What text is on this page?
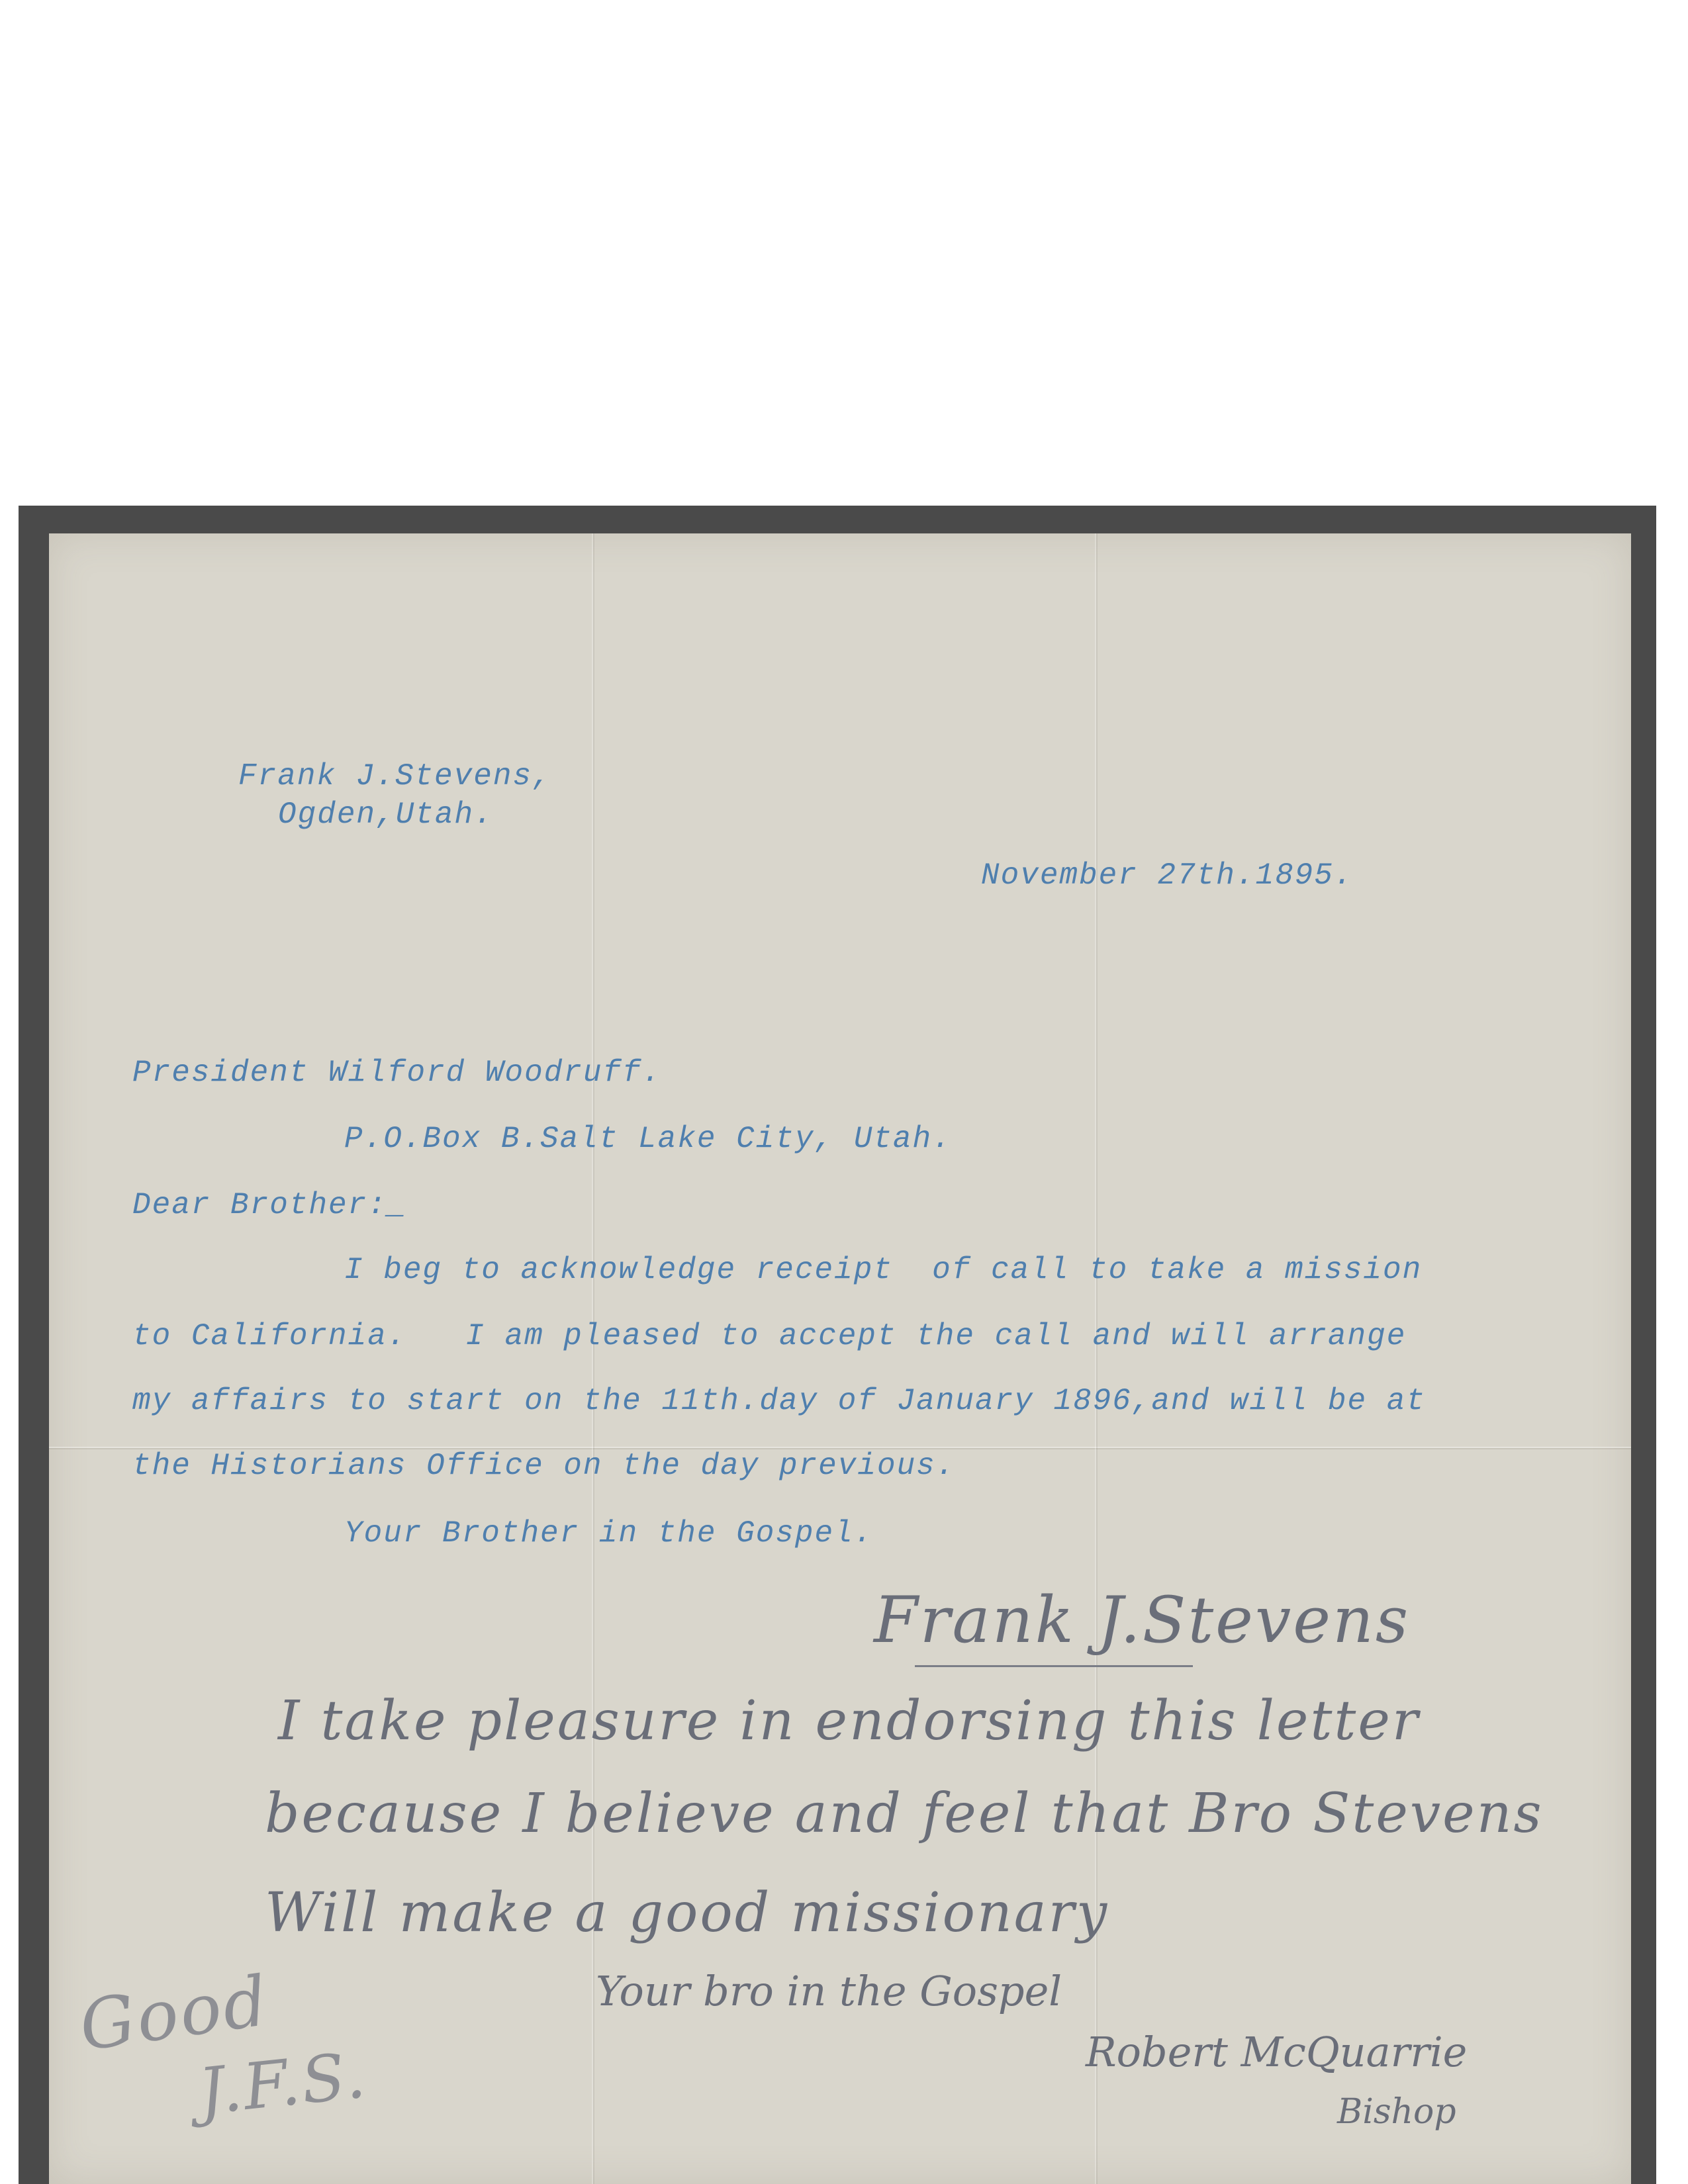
Frank J.Stevens,
Ogden,Utah.
November 27th.1895.
President Wilford Woodruff.
P.O.Box B.Salt Lake City, Utah.
Dear Brother:_
I beg to acknowledge receipt  of call to take a mission
to California.   I am pleased to accept the call and will arrange
my affairs to start on the 11th.day of January 1896,and will be at
the Historians Office on the day previous.
Your Brother in the Gospel.
Frank J.Stevens
I take pleasure in endorsing this letter
because I believe and feel that Bro Stevens
Will make a good missionary
Your bro in the Gospel
Robert McQuarrie
Bishop
Good
J.F.S.
